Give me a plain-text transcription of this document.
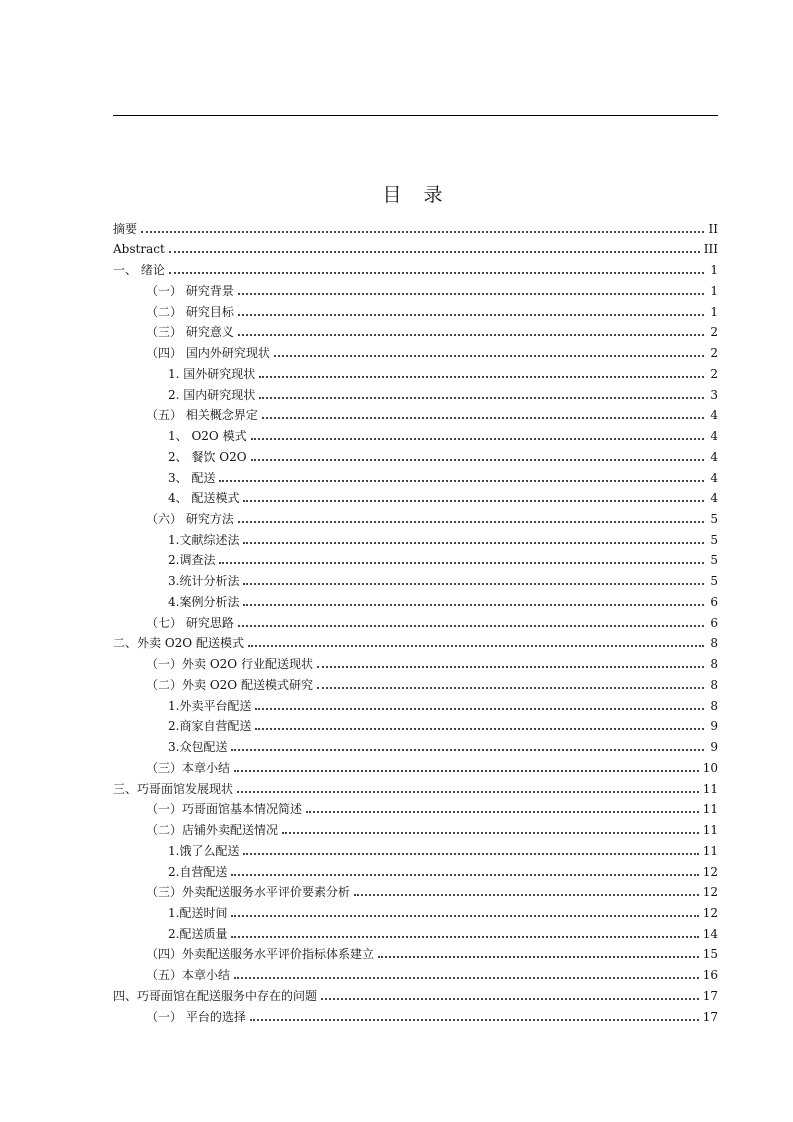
目 录
摘要	II
Abstract	III
一、 绪论	1
（一） 研究背景	1
（二） 研究目标	1
（三） 研究意义	2
（四） 国内外研究现状	2
1. 国外研究现状	2
2. 国内研究现状	3
（五） 相关概念界定	4
1、 O2O 模式	4
2、 餐饮 O2O	4
3、 配送	4
4、 配送模式	4
（六） 研究方法	5
1.文献综述法	5
2.调查法	5
3.统计分析法	5
4.案例分析法	6
（七） 研究思路	6
二、外卖 O2O 配送模式	8
（一）外卖 O2O 行业配送现状	8
（二）外卖 O2O 配送模式研究	8
1.外卖平台配送	8
2.商家自营配送	9
3.众包配送	9
（三）本章小结	10
三、巧哥面馆发展现状	11
（一）巧哥面馆基本情况简述	11
（二）店铺外卖配送情况	11
1.饿了么配送	11
2.自营配送	12
（三）外卖配送服务水平评价要素分析	12
1.配送时间	12
2.配送质量	14
（四）外卖配送服务水平评价指标体系建立	15
（五）本章小结	16
四、巧哥面馆在配送服务中存在的问题	17
（一） 平台的选择	17
